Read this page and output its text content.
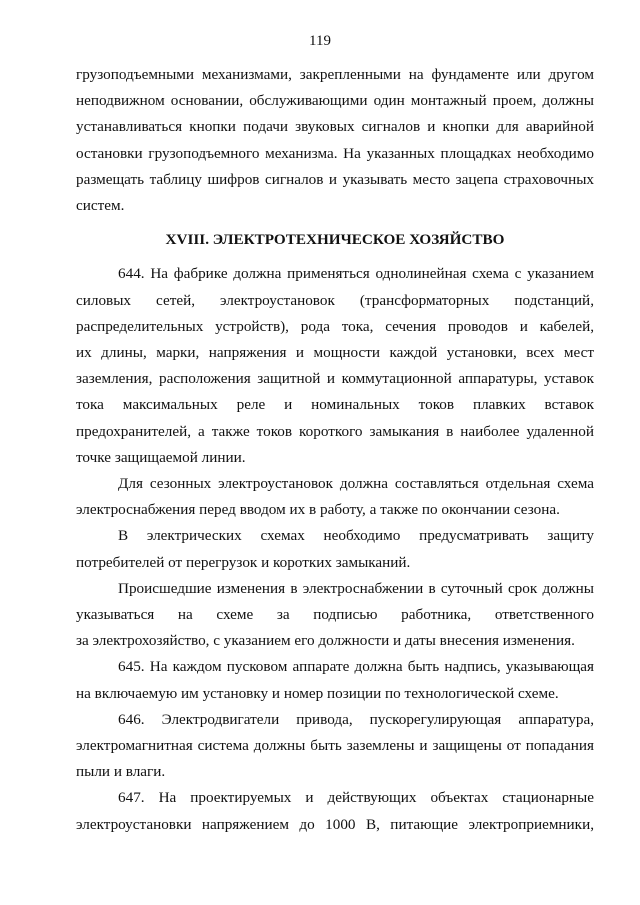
119
грузоподъемными механизмами, закрепленными на фундаменте или другом
неподвижном основании, обслуживающими один монтажный проем, должны
устанавливаться кнопки подачи звуковых сигналов и кнопки для аварийной
остановки грузоподъемного механизма. На указанных площадках необходимо
размещать таблицу шифров сигналов и указывать место зацепа страховочных
систем.
XVIII. ЭЛЕКТРОТЕХНИЧЕСКОЕ ХОЗЯЙСТВО
644. На фабрике должна применяться однолинейная схема с указанием
силовых сетей, электроустановок (трансформаторных подстанций,
распределительных устройств), рода тока, сечения проводов и кабелей,
их длины, марки, напряжения и мощности каждой установки, всех мест
заземления, расположения защитной и коммутационной аппаратуры, уставок
тока максимальных реле и номинальных токов плавких вставок
предохранителей, а также токов короткого замыкания в наиболее удаленной
точке защищаемой линии.
Для сезонных электроустановок должна составляться отдельная схема
электроснабжения перед вводом их в работу, а также по окончании сезона.
В электрических схемах необходимо предусматривать защиту
потребителей от перегрузок и коротких замыканий.
Происшедшие изменения в электроснабжении в суточный срок должны
указываться на схеме за подписью работника, ответственного
за электрохозяйство, с указанием его должности и даты внесения изменения.
645. На каждом пусковом аппарате должна быть надпись, указывающая
на включаемую им установку и номер позиции по технологической схеме.
646. Электродвигатели привода, пускорегулирующая аппаратура,
электромагнитная система должны быть заземлены и защищены от попадания
пыли и влаги.
647. На проектируемых и действующих объектах стационарные
электроустановки напряжением до 1000 В, питающие электроприемники,
